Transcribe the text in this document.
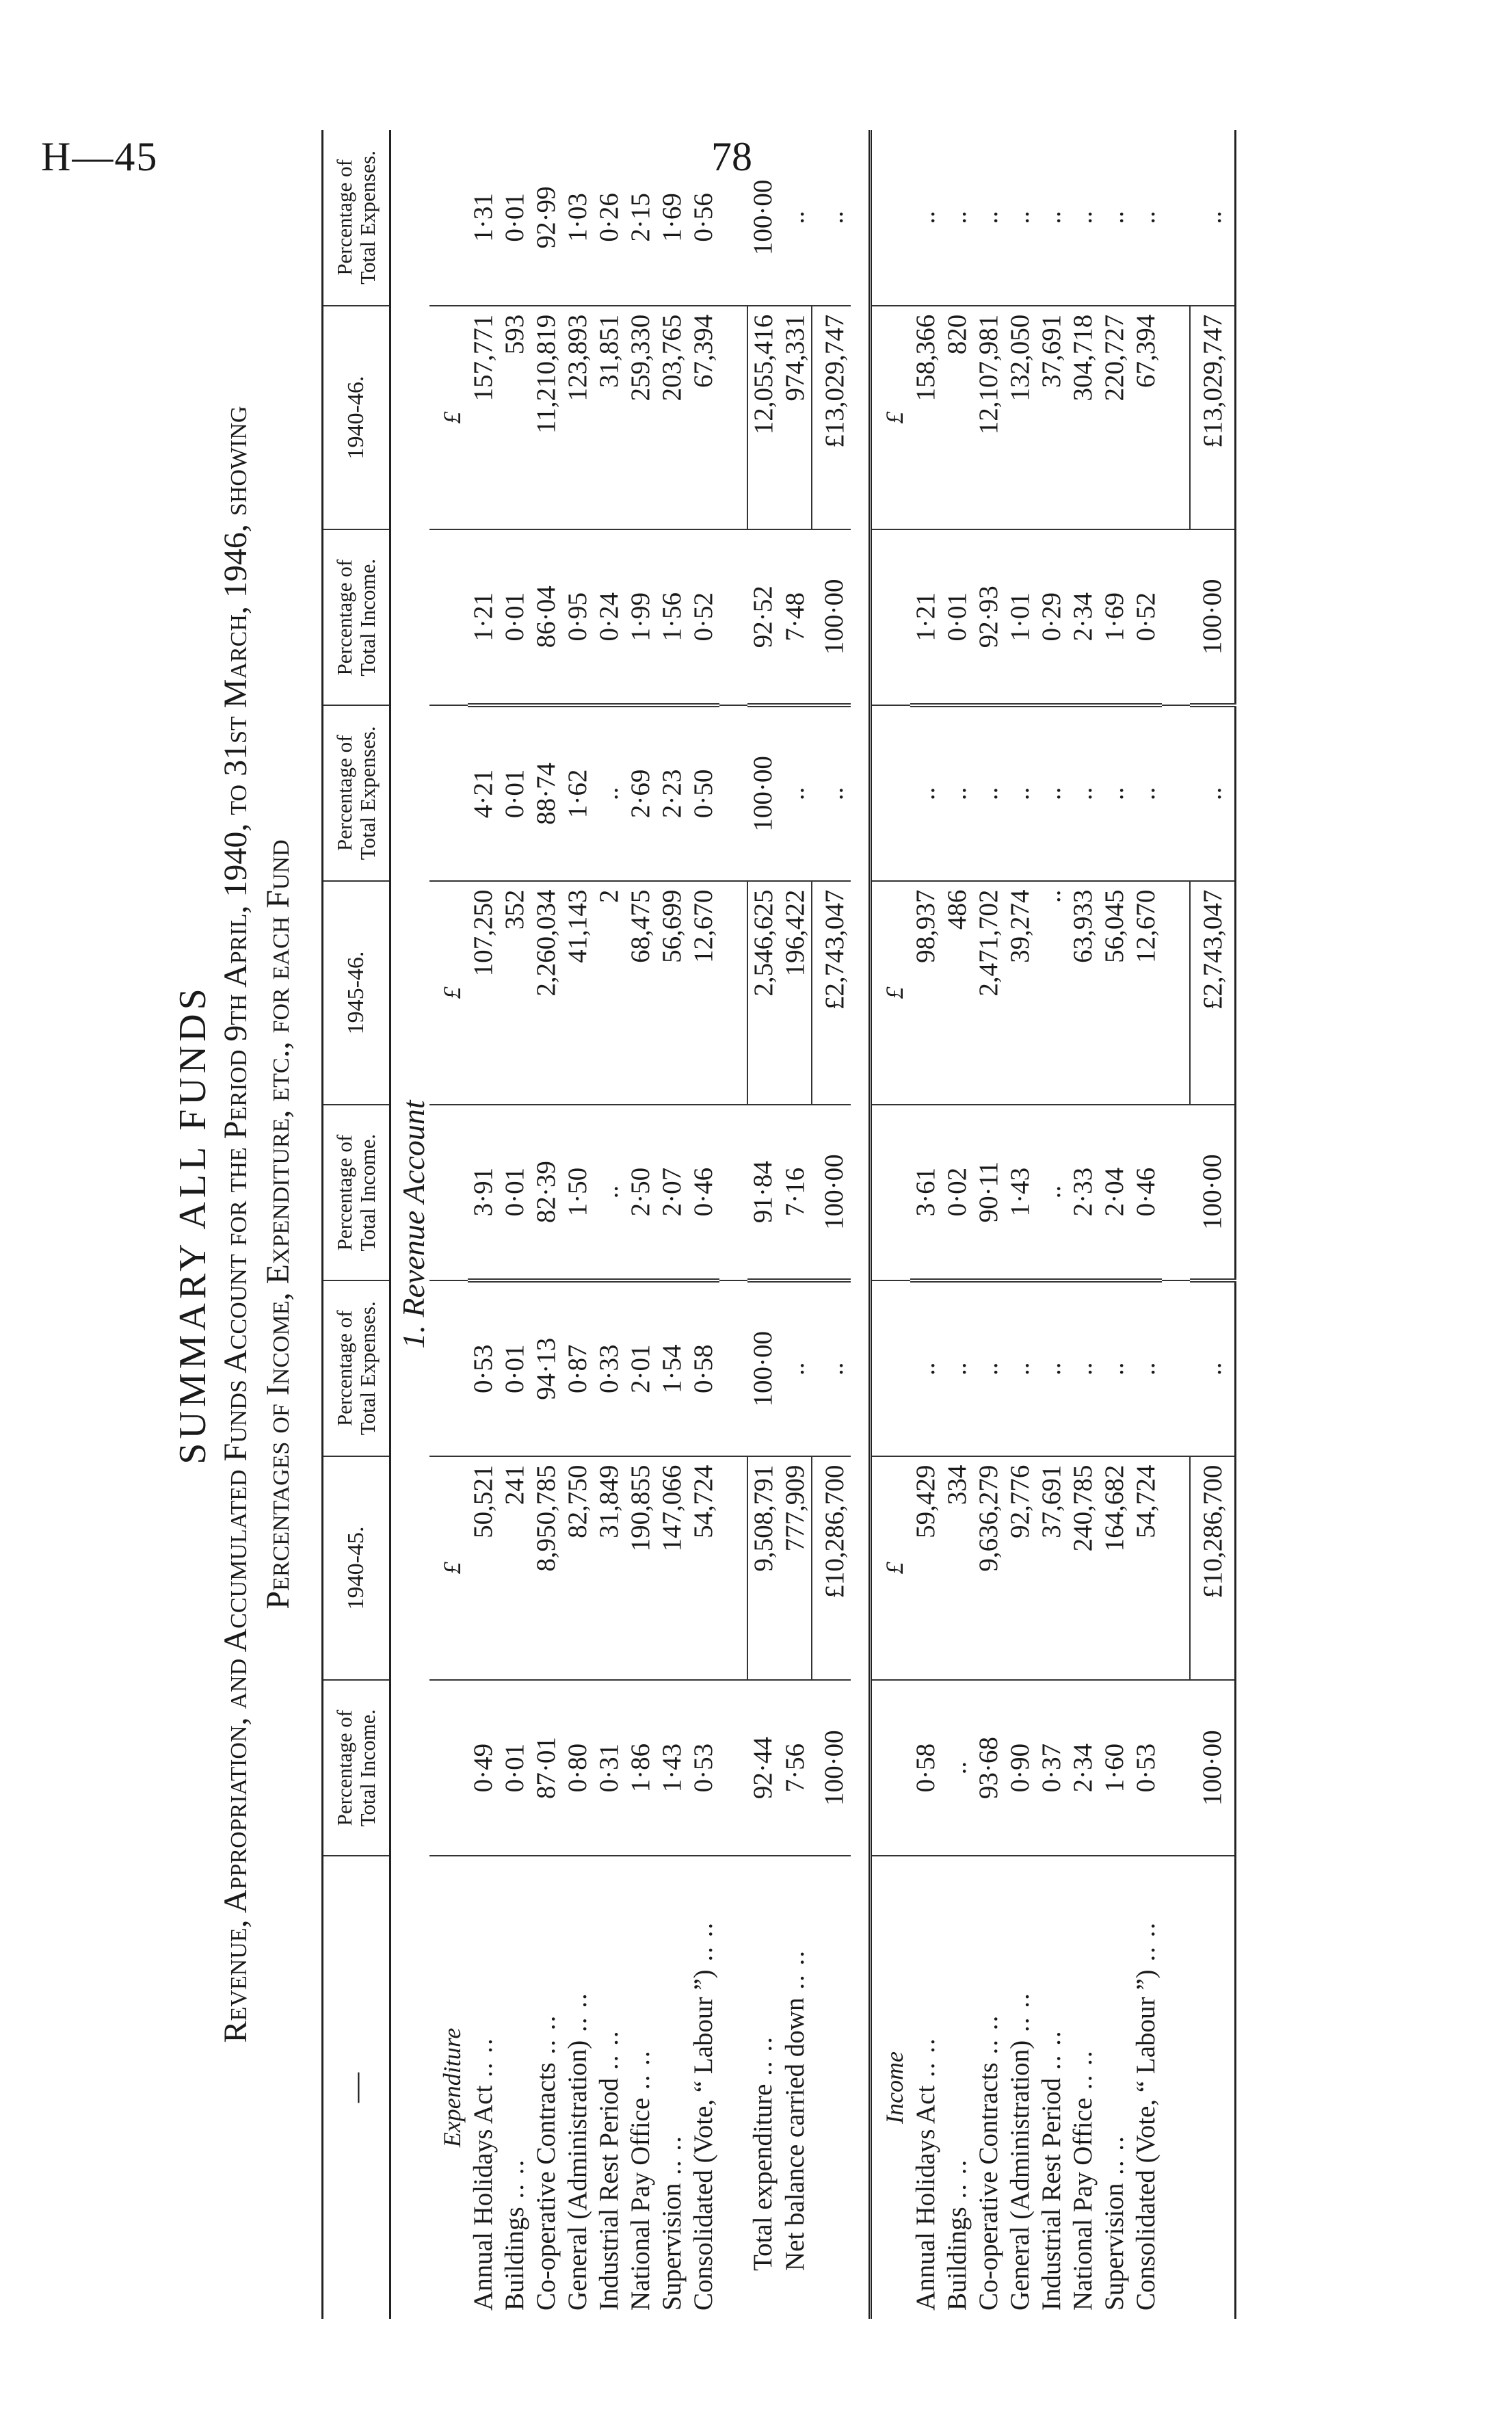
H—45	78
SUMMARY ALL FUNDS Revenue, Appropriation, and Accumulated Funds Account for the Period 9th April, 1940, to 31st March, 1946, showing Percentages of Income, Expenditure, etc., for each Fund
—	Percentage of Total Income.	1940-45.	Percentage of Total Expenses.	Percentage of Total Income.	1945-46.	Percentage of Total Expenses.	Percentage of Total Income.	1940-46.	Percentage of Total Expenses.
1. Revenue Account									
Expenditure		£			£			£	
Annual Holidays Act ..	0·49	50,521	0·53	3·91	107,250	4·21	1·21	157,771	1·31
Buildings ..	0·01	241	0·01	0·01	352	0·01	0·01	593	0·01
Co-operative Contracts ..	87·01	8,950,785	94·13	82·39	2,260,034	88·74	86·04	11,210,819	92·99
General (Administration) ..	0·80	82,750	0·87	1·50	41,143	1·62	0·95	123,893	1·03
Industrial Rest Period ..	0·31	31,849	0·33	..	2	..	0·24	31,851	0·26
National Pay Office ..	1·86	190,855	2·01	2·50	68,475	2·69	1·99	259,330	2·15
Supervision ..	1·43	147,066	1·54	2·07	56,699	2·23	1·56	203,765	1·69
Consolidated (Vote, “ Labour ”) ..	0·53	54,724	0·58	0·46	12,670	0·50	0·52	67,394	0·56

Total expenditure ..	92·44	9,508,791	100·00	91·84	2,546,625	100·00	92·52	12,055,416	100·00
Net balance carried down ..	7·56	777,909	..	7·16	196,422	..	7·48	974,331	..
	100·00	£10,286,700	..	100·00	£2,743,047	..	100·00	£13,029,747	..

Income		£			£			£	
Annual Holidays Act ..	0·58	59,429	..	3·61	98,937	..	1·21	158,366	..
Buildings ..	..	334	..	0·02	486	..	0·01	820	..
Co-operative Contracts ..	93·68	9,636,279	..	90·11	2,471,702	..	92·93	12,107,981	..
General (Administration) ..	0·90	92,776	..	1·43	39,274	..	1·01	132,050	..
Industrial Rest Period ..	0·37	37,691	..	..	..	..	0·29	37,691	..
National Pay Office ..	2·34	240,785	..	2·33	63,933	..	2·34	304,718	..
Supervision ..	1·60	164,682	..	2·04	56,045	..	1·69	220,727	..
Consolidated (Vote, “ Labour ”) ..	0·53	54,724	..	0·46	12,670	..	0·52	67,394	..

	100·00	£10,286,700	..	100·00	£2,743,047	..	100·00	£13,029,747	..
